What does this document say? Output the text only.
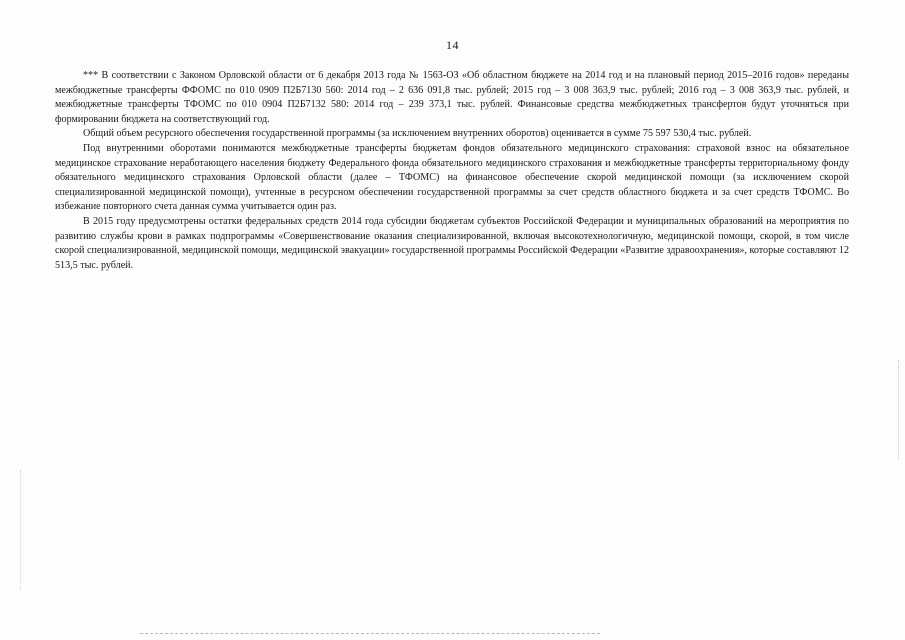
14

*** В соответствии с Законом Орловской области от 6 декабря 2013 года № 1563-ОЗ «Об областном бюджете на 2014 год и на плановый период 2015–2016 годов» переданы межбюджетные трансферты ФФОМС по 010 0909 П2Б7130 560: 2014 год – 2 636 091,8 тыс. рублей; 2015 год – 3 008 363,9 тыс. рублей; 2016 год – 3 008 363,9 тыс. рублей, и межбюджетные трансферты ТФОМС по 010 0904 П2Б7132 580: 2014 год – 239 373,1 тыс. рублей. Финансовые средства межбюджетных трансфертов будут уточняться при формировании бюджета на соответствующий год.

Общий объем ресурсного обеспечения государственной программы (за исключением внутренних оборотов) оценивается в сумме 75 597 530,4 тыс. рублей.

Под внутренними оборотами понимаются межбюджетные трансферты бюджетам фондов обязательного медицинского страхования: страховой взнос на обязательное медицинское страхование неработающего населения бюджету Федерального фонда обязательного медицинского страхования и межбюджетные трансферты территориальному фонду обязательного медицинского страхования Орловской области (далее – ТФОМС) на финансовое обеспечение скорой медицинской помощи (за исключением скорой специализированной медицинской помощи), учтенные в ресурсном обеспечении государственной программы за счет средств областного бюджета и за счет средств ТФОМС. Во избежание повторного счета данная сумма учитывается один раз.

В 2015 году предусмотрены остатки федеральных средств 2014 года субсидии бюджетам субъектов Российской Федерации и муниципальных образований на мероприятия по развитию службы крови в рамках подпрограммы «Совершенствование оказания специализированной, включая высокотехнологичную, медицинской помощи, скорой, в том числе скорой специализированной, медицинской помощи, медицинской эвакуации» государственной программы Российской Федерации «Развитие здравоохранения», которые составляют 12 513,5 тыс. рублей.
